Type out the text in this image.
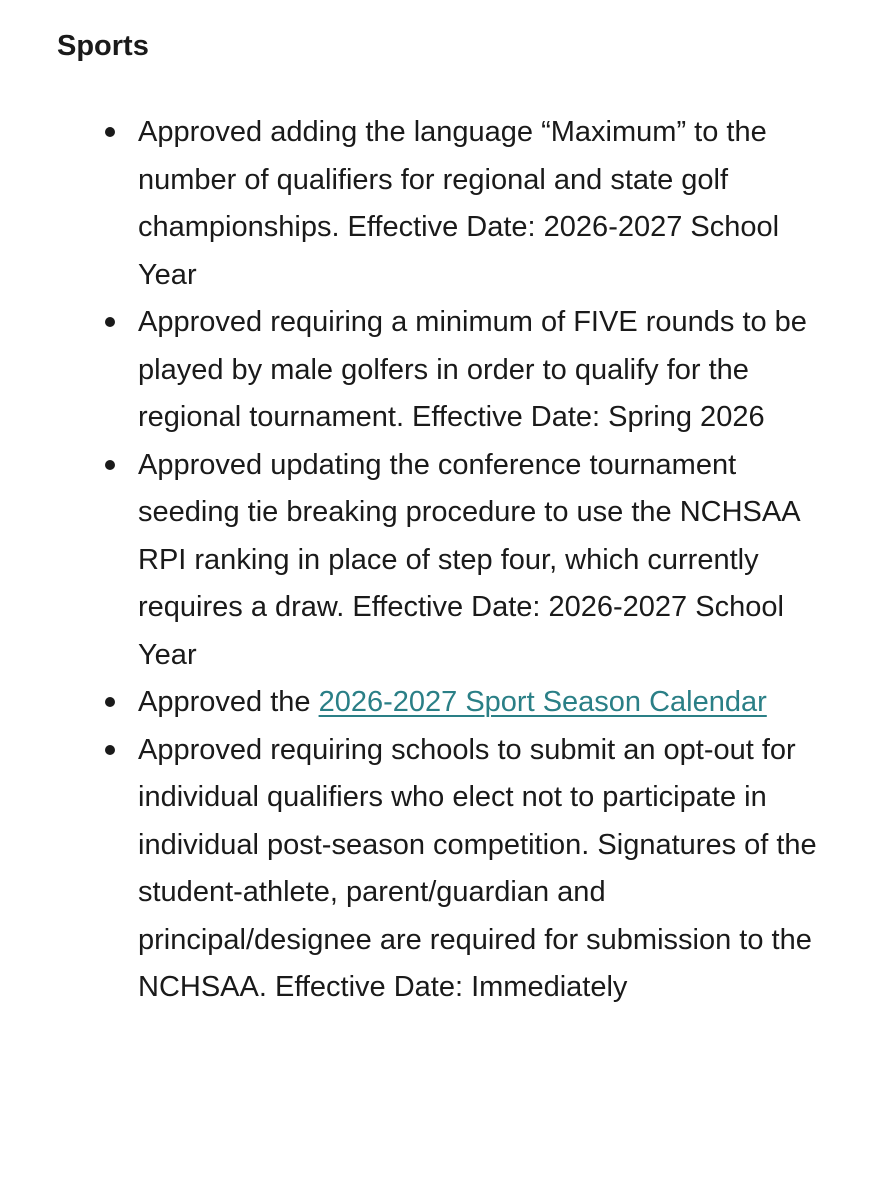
Sports
Approved adding the language “Maximum” to the number of qualifiers for regional and state golf championships. Effective Date: 2026-2027 School Year
Approved requiring a minimum of FIVE rounds to be played by male golfers in order to qualify for the regional tournament. Effective Date: Spring 2026
Approved updating the conference tournament seeding tie breaking procedure to use the NCHSAA RPI ranking in place of step four, which currently requires a draw. Effective Date: 2026-2027 School Year
Approved the 2026-2027 Sport Season Calendar
Approved requiring schools to submit an opt-out for individual qualifiers who elect not to participate in individual post-season competition. Signatures of the student-athlete, parent/guardian and principal/designee are required for submission to the NCHSAA. Effective Date: Immediately
